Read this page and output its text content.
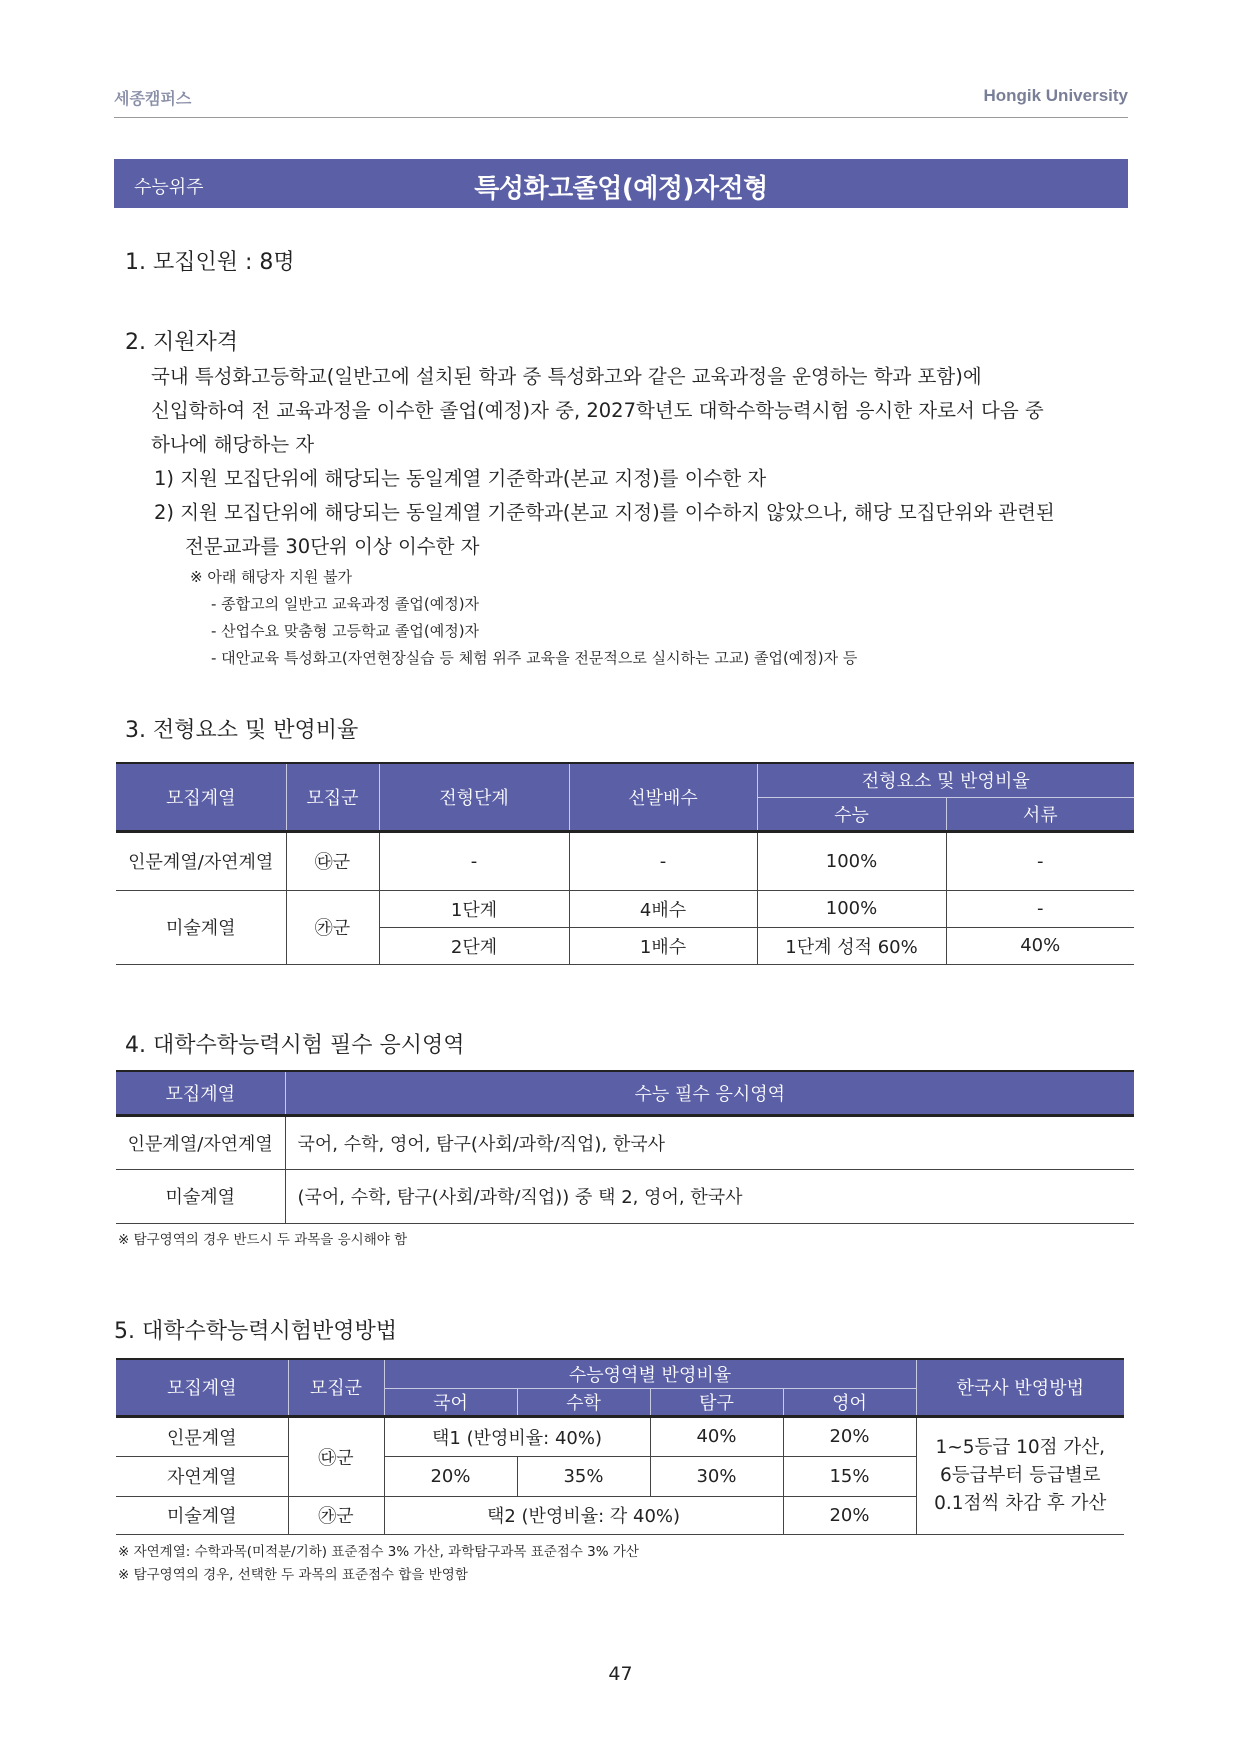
세종캠퍼스	Hongik University
수능위주	특성화고졸업(예정)자전형
1. 모집인원 : 8명
2. 지원자격

국내 특성화고등학교(일반고에 설치된 학과 중 특성화고와 같은 교육과정을 운영하는 학과 포함)에

신입학하여 전 교육과정을 이수한 졸업(예정)자 중, 2027학년도 대학수학능력시험 응시한 자로서 다음 중

하나에 해당하는 자

1) 지원 모집단위에 해당되는 동일계열 기준학과(본교 지정)를 이수한 자
2) 지원 모집단위에 해당되는 동일계열 기준학과(본교 지정)를 이수하지 않았으나, 해당 모집단위와 관련된
전문교과를 30단위 이상 이수한 자
※ 아래 해당자 지원 불가
- 종합고의 일반고 교육과정 졸업(예정)자
- 산업수요 맞춤형 고등학교 졸업(예정)자
- 대안교육 특성화고(자연현장실습 등 체험 위주 교육을 전문적으로 실시하는 고교) 졸업(예정)자 등
3. 전형요소 및 반영비율
모집계열	모집군	전형단계	선발배수	전형요소 및 반영비율	
				수능	서류
인문계열/자연계열	㉰군	-	-	100%	-
미술계열	㉮군	1단계	4배수	100%	-
		2단계	1배수	1단계 성적 60%	40%
4. 대학수학능력시험 필수 응시영역
모집계열	수능 필수 응시영역
인문계열/자연계열	국어, 수학, 영어, 탐구(사회/과학/직업), 한국사
미술계열	(국어, 수학, 탐구(사회/과학/직업)) 중 택 2, 영어, 한국사
※ 탐구영역의 경우 반드시 두 과목을 응시해야 함
5. 대학수학능력시험반영방법
모집계열	모집군	수능영역별 반영비율				한국사 반영방법
		국어	수학	탐구	영어	
인문계열	㉰군	택1 (반영비율: 40%)		40%	20%	1~5등급 10점 가산,
6등급부터 등급별로
0.1점씩 차감 후 가산

자연계열		20%	35%	30%	15%	
미술계열	㉮군	택2 (반영비율: 각 40%)			20%	
※ 자연계열: 수학과목(미적분/기하) 표준점수 3% 가산, 과학탐구과목 표준점수 3% 가산
※ 탐구영역의 경우, 선택한 두 과목의 표준점수 합을 반영함
47
